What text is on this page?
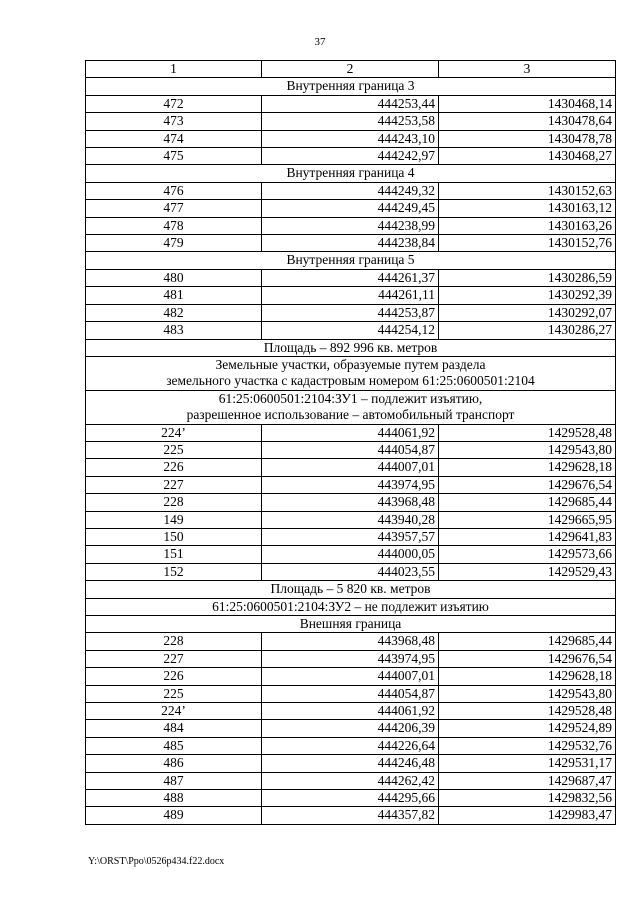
37
1	2	3
Внутренняя граница 3		
472	444253,44	1430468,14
473	444253,58	1430478,64
474	444243,10	1430478,78
475	444242,97	1430468,27
Внутренняя граница 4		
476	444249,32	1430152,63
477	444249,45	1430163,12
478	444238,99	1430163,26
479	444238,84	1430152,76
Внутренняя граница 5		
480	444261,37	1430286,59
481	444261,11	1430292,39
482	444253,87	1430292,07
483	444254,12	1430286,27
Площадь – 892 996 кв. метров		

Земельные участки, образуемые путем раздела
земельного участка с кадастровым номером 61:25:0600501:2104		

61:25:0600501:2104:ЗУ1 – подлежит изъятию,
разрешенное использование – автомобильный транспорт		

224’	444061,92	1429528,48
225	444054,87	1429543,80
226	444007,01	1429628,18
227	443974,95	1429676,54
228	443968,48	1429685,44
149	443940,28	1429665,95
150	443957,57	1429641,83
151	444000,05	1429573,66
152	444023,55	1429529,43
Площадь – 5 820 кв. метров		
61:25:0600501:2104:ЗУ2 – не подлежит изъятию		
Внешняя граница		
228	443968,48	1429685,44
227	443974,95	1429676,54
226	444007,01	1429628,18
225	444054,87	1429543,80
224’	444061,92	1429528,48
484	444206,39	1429524,89
485	444226,64	1429532,76
486	444246,48	1429531,17
487	444262,42	1429687,47
488	444295,66	1429832,56
489	444357,82	1429983,47
Y:\ORST\Ppo\0526p434.f22.docx
